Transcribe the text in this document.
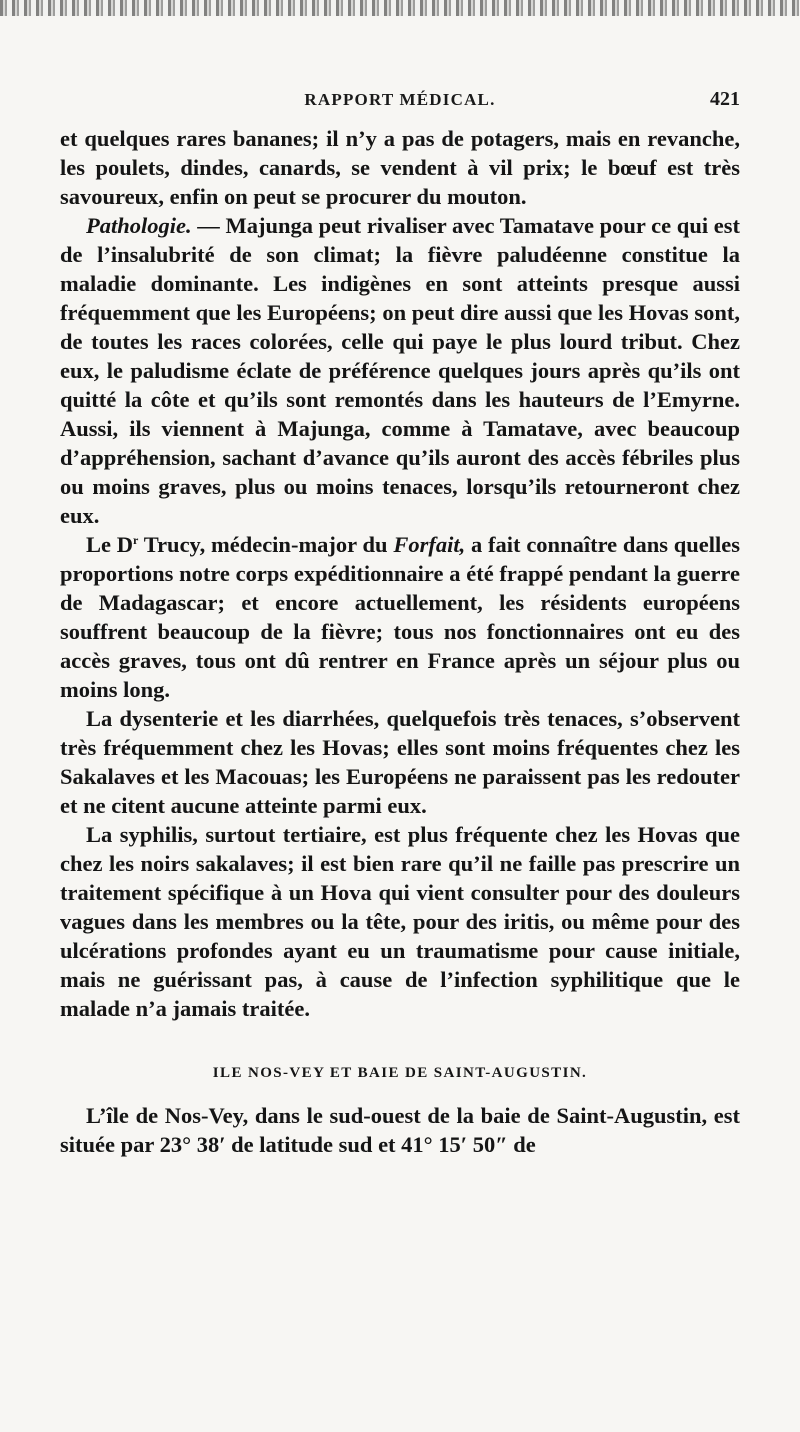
RAPPORT MÉDICAL.	421

et quelques rares bananes; il n’y a pas de potagers, mais en revanche, les poulets, dindes, canards, se vendent à vil prix; le bœuf est très savoureux, enfin on peut se procurer du mouton.

Pathologie. — Majunga peut rivaliser avec Tamatave pour ce qui est de l’insalubrité de son climat; la fièvre paludéenne constitue la maladie dominante. Les indigènes en sont atteints presque aussi fréquemment que les Européens; on peut dire aussi que les Hovas sont, de toutes les races colorées, celle qui paye le plus lourd tribut. Chez eux, le paludisme éclate de préférence quelques jours après qu’ils ont quitté la côte et qu’ils sont remontés dans les hauteurs de l’Emyrne. Aussi, ils viennent à Majunga, comme à Tamatave, avec beaucoup d’appréhension, sachant d’avance qu’ils auront des accès fébriles plus ou moins graves, plus ou moins tenaces, lorsqu’ils retourneront chez eux.

Le $D^r$ Trucy, médecin-major du Forfait, a fait connaître dans quelles proportions notre corps expéditionnaire a été frappé pendant la guerre de Madagascar; et encore actuellement, les résidents européens souffrent beaucoup de la fièvre; tous nos fonctionnaires ont eu des accès graves, tous ont dû rentrer en France après un séjour plus ou moins long.

La dysenterie et les diarrhées, quelquefois très tenaces, s’observent très fréquemment chez les Hovas; elles sont moins fréquentes chez les Sakalaves et les Macouas; les Européens ne paraissent pas les redouter et ne citent aucune atteinte parmi eux.

La syphilis, surtout tertiaire, est plus fréquente chez les Hovas que chez les noirs sakalaves; il est bien rare qu’il ne faille pas prescrire un traitement spécifique à un Hova qui vient consulter pour des douleurs vagues dans les membres ou la tête, pour des iritis, ou même pour des ulcérations profondes ayant eu un traumatisme pour cause initiale, mais ne guérissant pas, à cause de l’infection syphilitique que le malade n’a jamais traitée.

ILE NOS-VEY ET BAIE DE SAINT-AUGUSTIN.

L’île de Nos-Vey, dans le sud-ouest de la baie de Saint-Augustin, est située par 23° 38′ de latitude sud et 41° 15′ 50″ de
